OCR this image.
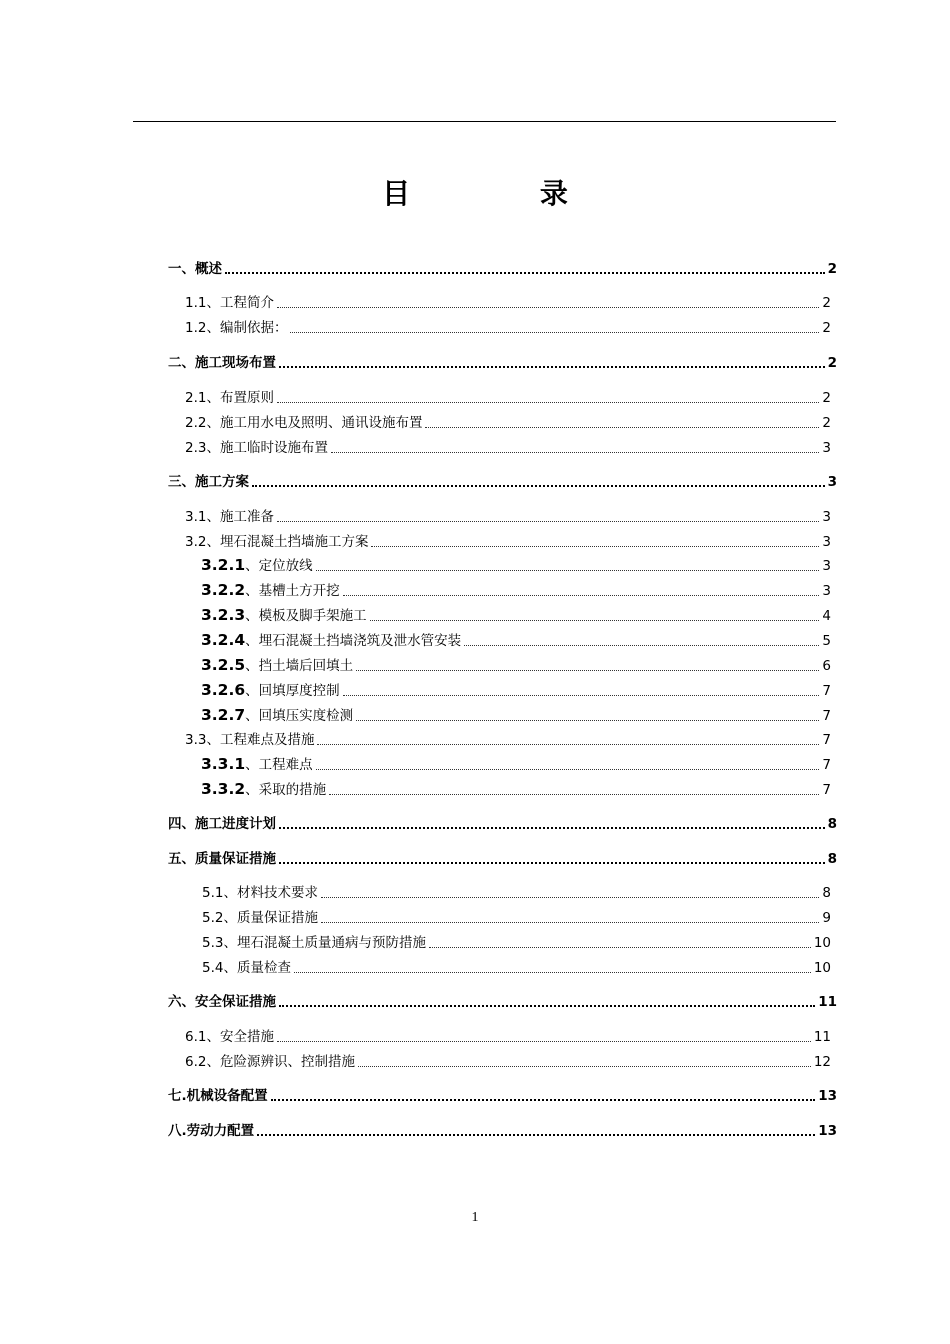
目 录
一、概述	2
1.1、工程简介	2
1.2、编制依据：	2
二、施工现场布置	2
2.1、布置原则	2
2.2、施工用水电及照明、通讯设施布置	2
2.3、施工临时设施布置	3
三、施工方案	3
3.1、施工准备	3
3.2、埋石混凝土挡墙施工方案	3
3.2.1、定位放线	3
3.2.2、基槽土方开挖	3
3.2.3、模板及脚手架施工	4
3.2.4、埋石混凝土挡墙浇筑及泄水管安装	5
3.2.5、挡土墙后回填土	6
3.2.6、回填厚度控制	7
3.2.7、回填压实度检测	7
3.3、工程难点及措施	7
3.3.1、工程难点	7
3.3.2、采取的措施	7
四、施工进度计划	8
五、质量保证措施	8
5.1、材料技术要求	8
5.2、质量保证措施	9
5.3、埋石混凝土质量通病与预防措施	10
5.4、质量检查	10
六、安全保证措施	11
6.1、安全措施	11
6.2、危险源辨识、控制措施	12
七.机械设备配置	13
八.劳动力配置	13
1
